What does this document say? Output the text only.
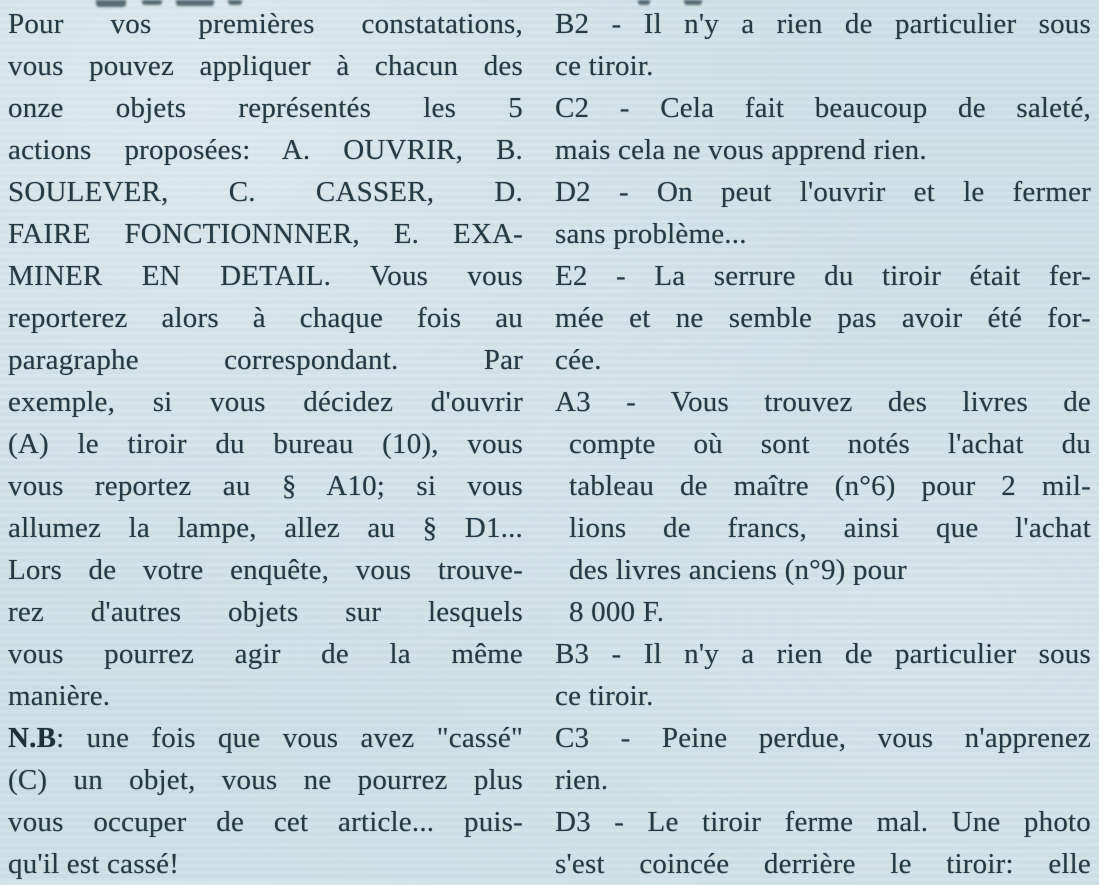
Pour vos premières constatations,
vous pouvez appliquer à chacun des
onze objets représentés les 5
actions proposées: A. OUVRIR, B.
SOULEVER, C. CASSER, D.
FAIRE FONCTIONNNER, E. EXA-
MINER EN DETAIL. Vous vous
reporterez alors à chaque fois au
paragraphe correspondant. Par
exemple, si vous décidez d'ouvrir
(A) le tiroir du bureau (10), vous
vous reportez au § A10; si vous
allumez la lampe, allez au § D1...
Lors de votre enquête, vous trouve-
rez d'autres objets sur lesquels
vous pourrez agir de la même
manière.
N.B: une fois que vous avez "cassé"
(C) un objet, vous ne pourrez plus
vous occuper de cet article... puis-
qu'il est cassé!
B2 - Il n'y a rien de particulier sous
ce tiroir.
C2 - Cela fait beaucoup de saleté,
mais cela ne vous apprend rien.
D2 - On peut l'ouvrir et le fermer
sans problème...
E2 - La serrure du tiroir était fer-
mée et ne semble pas avoir été for-
cée.
A3 - Vous trouvez des livres de
compte où sont notés l'achat du
tableau de maître (n°6) pour 2 mil-
lions de francs, ainsi que l'achat
des livres anciens (n°9) pour
8 000 F.
B3 - Il n'y a rien de particulier sous
ce tiroir.
C3 - Peine perdue, vous n'apprenez
rien.
D3 - Le tiroir ferme mal. Une photo
s'est coincée derrière le tiroir: elle
